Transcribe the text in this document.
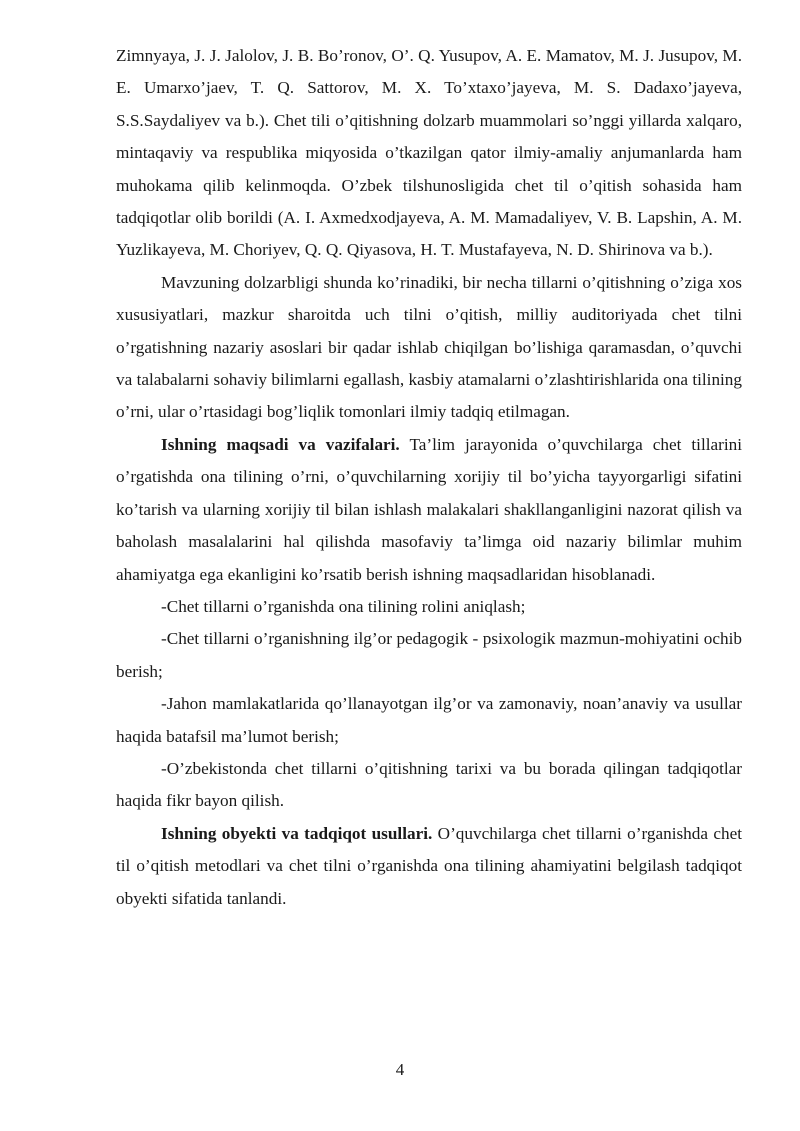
Zimnyaya, J. J. Jalolov, J. B. Bo’ronov, O’. Q. Yusupov, A. E. Mamatov, M. J. Jusupov, M. E. Umarxo’jaev, T. Q. Sattorov, M. X. To’xtaxo’jayeva, M. S. Dadaxo’jayeva, S.S.Saydaliyev va b.). Chet tili o’qitishning dolzarb muammolari so’nggi yillarda xalqaro, mintaqaviy va respublika miqyosida o’tkazilgan qator ilmiy-amaliy anjumanlarda ham muhokama qilib kelinmoqda. O’zbek tilshunosligida chet til o’qitish sohasida ham tadqiqotlar olib borildi (A. I. Axmedxodjayeva, A. M. Mamadaliyev, V. B. Lapshin, A. M. Yuzlikayeva, M. Choriyev, Q. Q. Qiyasova, H. T. Mustafayeva, N. D. Shirinova va b.).

Mavzuning dolzarbligi shunda ko’rinadiki, bir necha tillarni o’qitishning o’ziga xos xususiyatlari, mazkur sharoitda uch tilni o’qitish, milliy auditoriyada chet tilni o’rgatishning nazariy asoslari bir qadar ishlab chiqilgan bo’lishiga qaramasdan, o’quvchi va talabalarni sohaviy bilimlarni egallash, kasbiy atamalarni o’zlashtirishlarida ona tilining o’rni, ular o’rtasidagi bog’liqlik tomonlari ilmiy tadqiq etilmagan.

Ishning maqsadi va vazifalari. Ta’lim jarayonida o’quvchilarga chet tillarini o’rgatishda ona tilining o’rni, o’quvchilarning xorijiy til bo’yicha tayyorgarligi sifatini ko’tarish va ularning xorijiy til bilan ishlash malakalari shakllanganligini nazorat qilish va baholash masalalarini hal qilishda masofaviy ta’limga oid nazariy bilimlar muhim ahamiyatga ega ekanligini ko’rsatib berish ishning maqsadlaridan hisoblanadi.

-Chet tillarni o’rganishda ona tilining rolini aniqlash;

-Chet tillarni o’rganishning ilg’or pedagogik - psixologik mazmun-mohiyatini ochib berish;

-Jahon mamlakatlarida qo’llanayotgan ilg’or va zamonaviy, noan’anaviy va usullar haqida batafsil ma’lumot berish;

-O’zbekistonda chet tillarni o’qitishning tarixi va bu borada qilingan tadqiqotlar haqida fikr bayon qilish.

Ishning obyekti va tadqiqot usullari. O’quvchilarga chet tillarni o’rganishda chet til o’qitish metodlari va chet tilni o’rganishda ona tilining ahamiyatini belgilash tadqiqot obyekti sifatida tanlandi.

4
